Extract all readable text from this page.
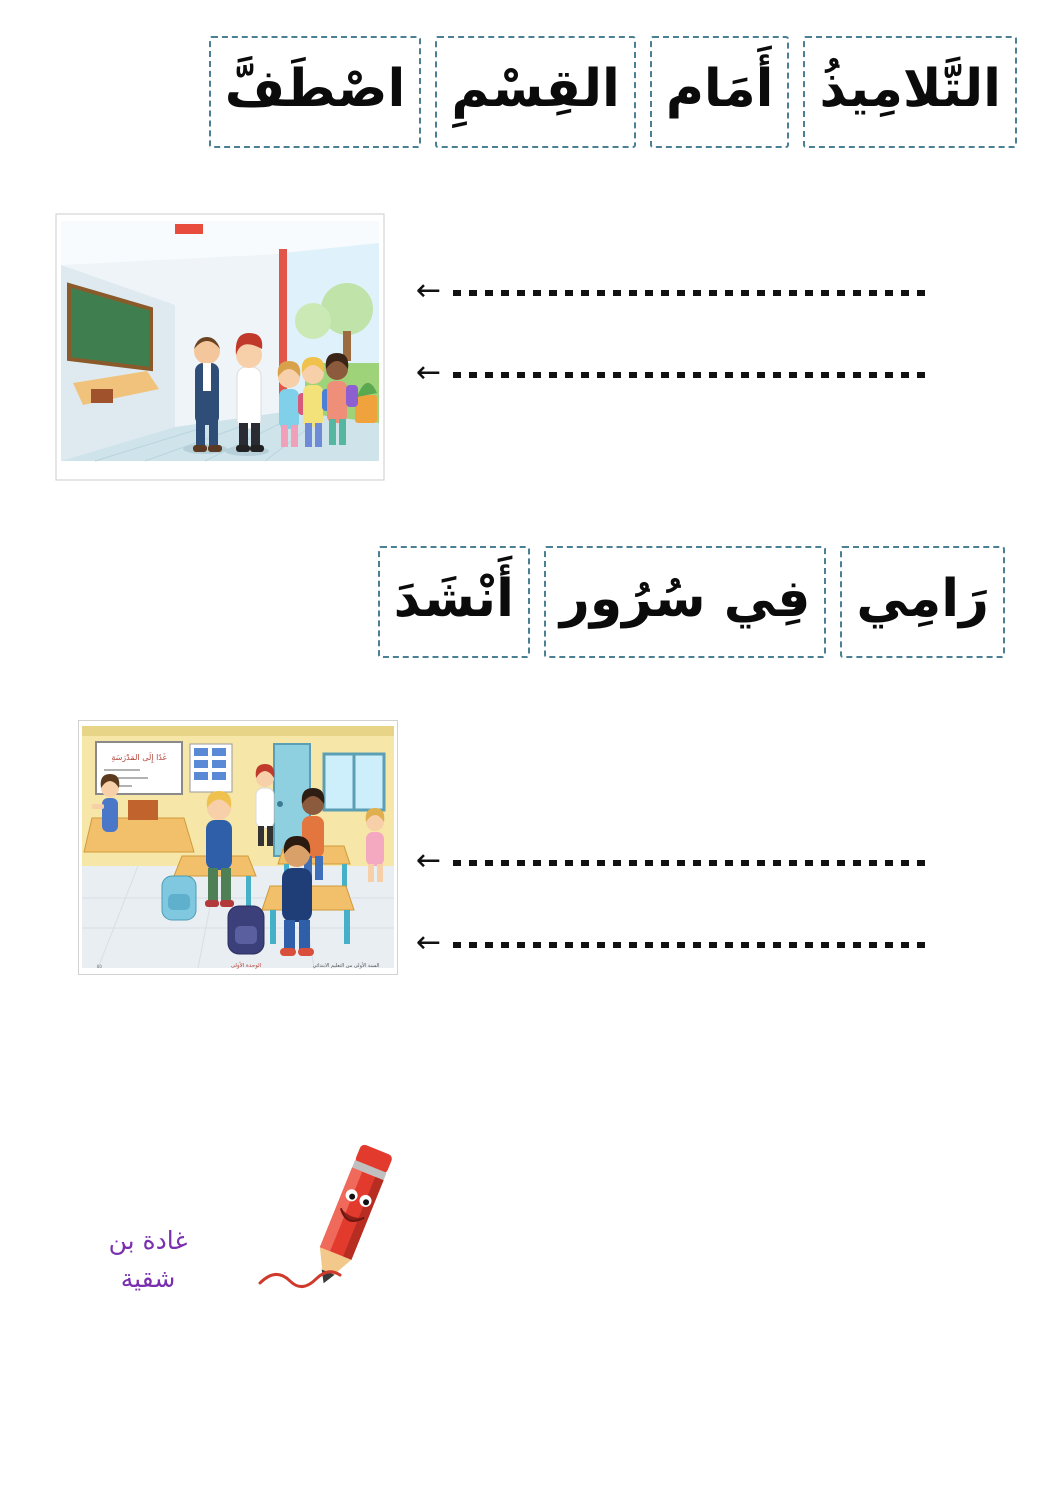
التَّلامِيذُ
أَمَام
القِسْمِ
اصْطَفَّ
←
←
رَامِي
فِي سُرُور
أَنْشَدَ
غَدًا إِلَى المَدْرَسَةِ
٥٥	الوحدة الأولى	السنة الأولى من التعليم الابتدائي
←
←
غادة بن
شقية
